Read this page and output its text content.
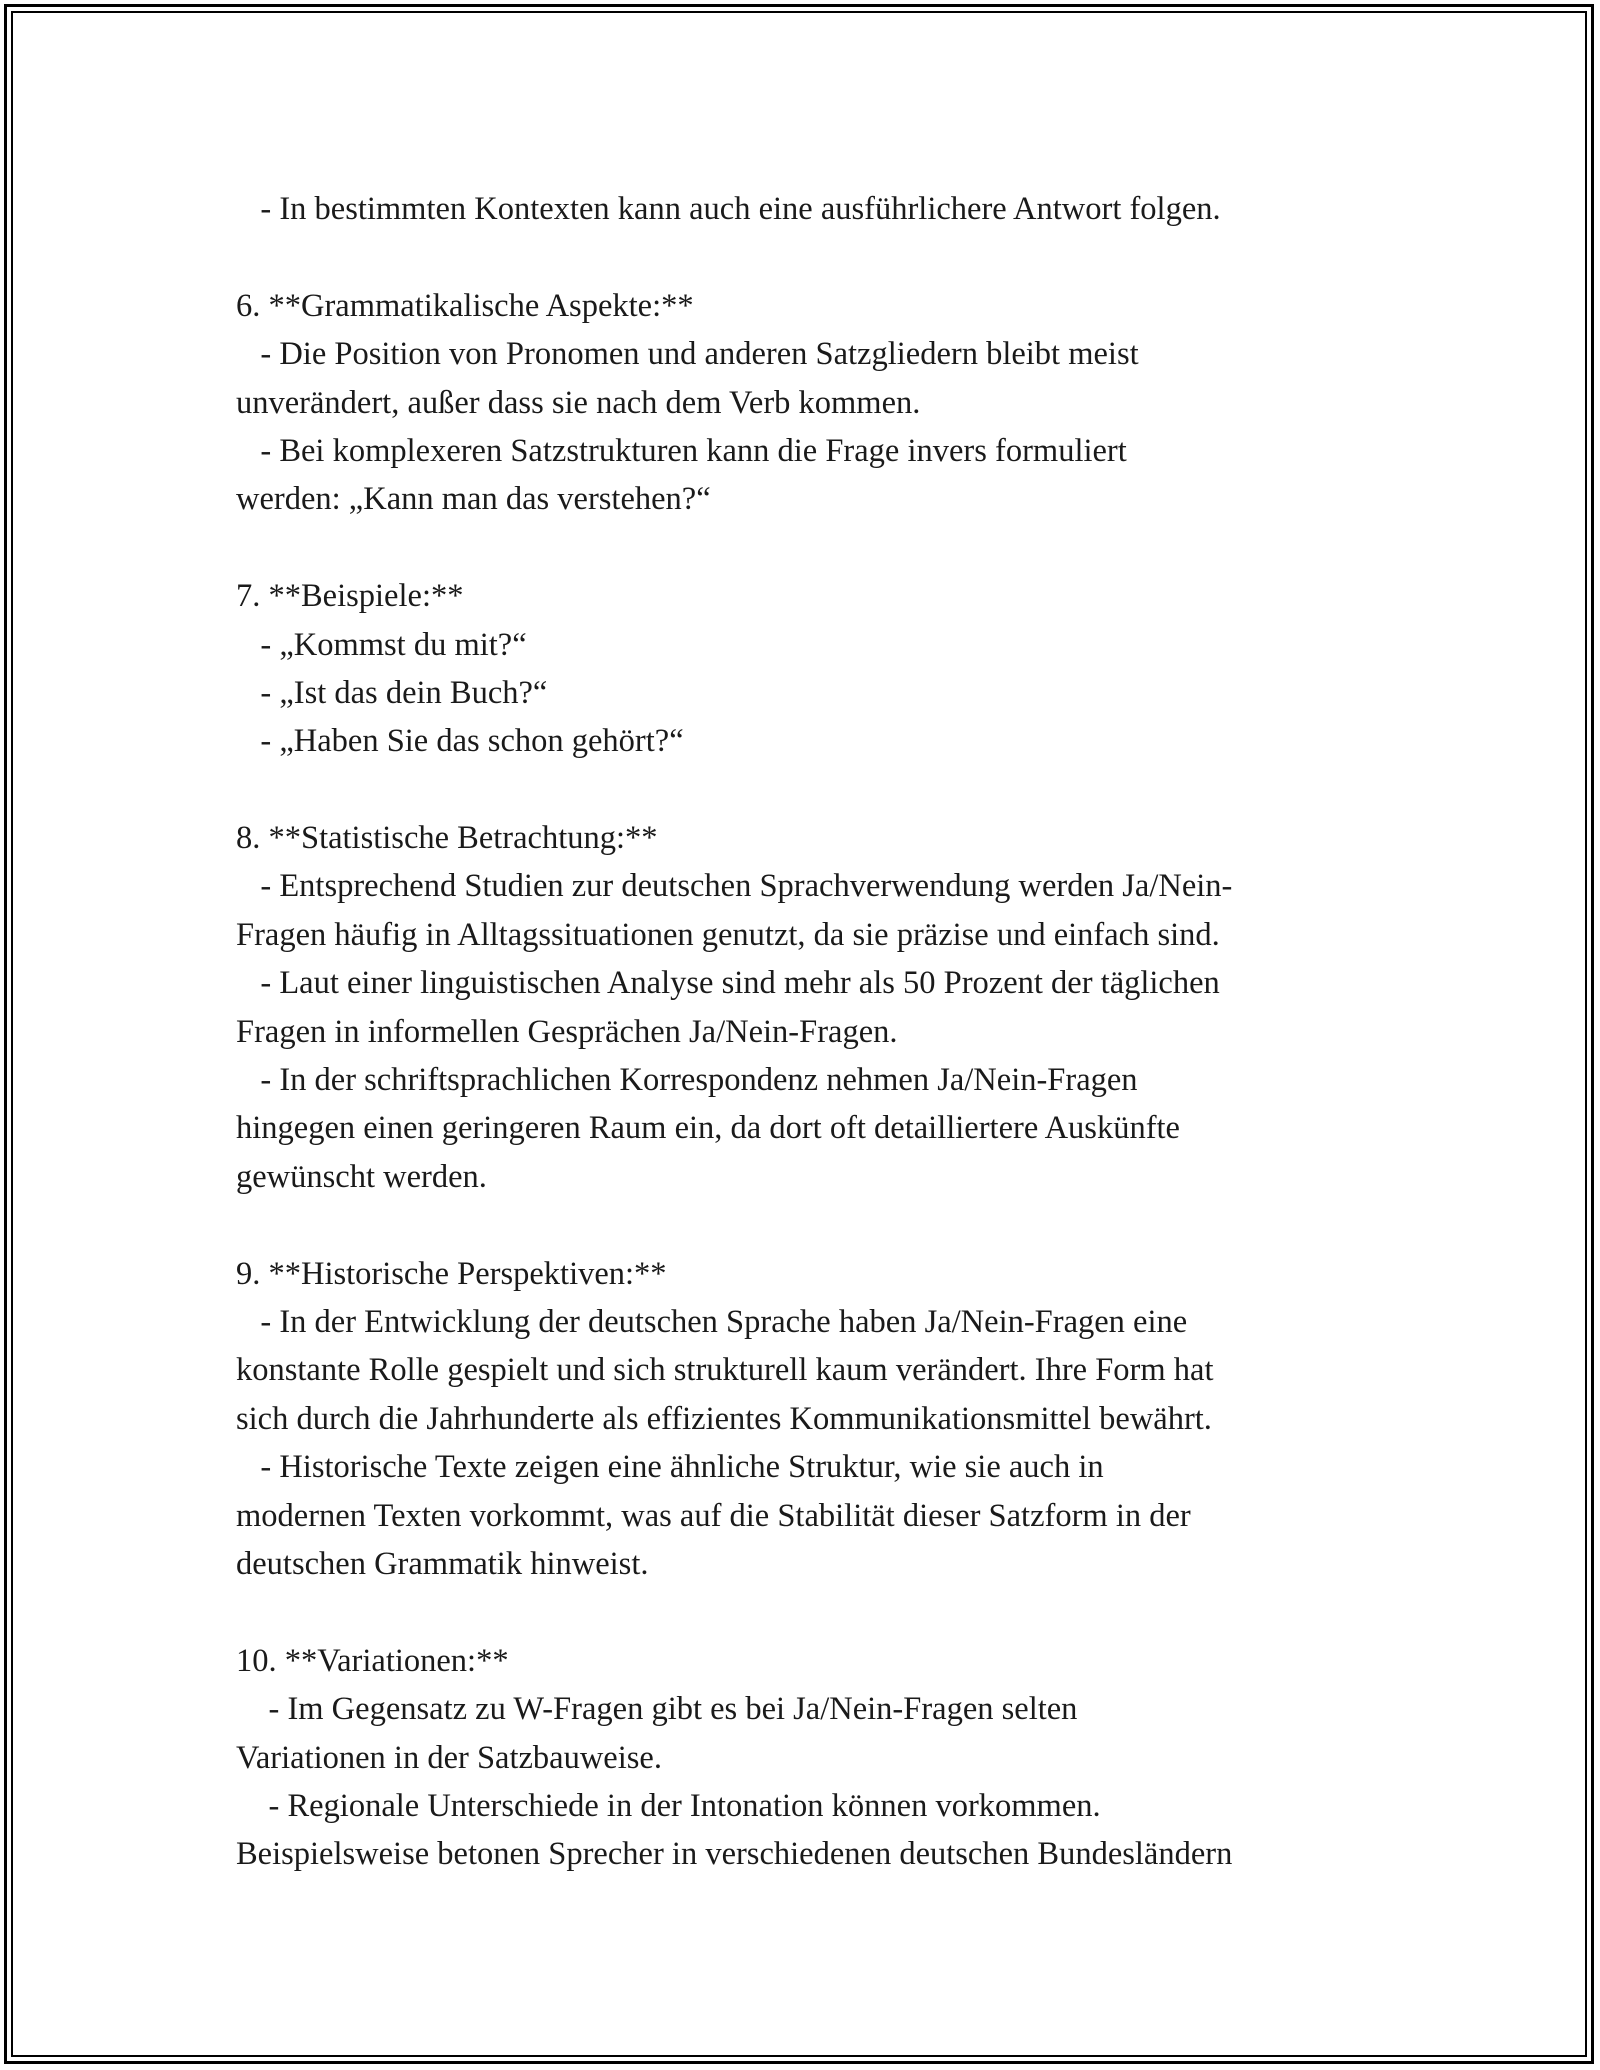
- In bestimmten Kontexten kann auch eine ausführlichere Antwort folgen.
6. **Grammatikalische Aspekte:**
- Die Position von Pronomen und anderen Satzgliedern bleibt meist
unverändert, außer dass sie nach dem Verb kommen.
- Bei komplexeren Satzstrukturen kann die Frage invers formuliert
werden: „Kann man das verstehen?“
7. **Beispiele:**
- „Kommst du mit?“
- „Ist das dein Buch?“
- „Haben Sie das schon gehört?“
8. **Statistische Betrachtung:**
- Entsprechend Studien zur deutschen Sprachverwendung werden Ja/Nein-
Fragen häufig in Alltagssituationen genutzt, da sie präzise und einfach sind.
- Laut einer linguistischen Analyse sind mehr als 50 Prozent der täglichen
Fragen in informellen Gesprächen Ja/Nein-Fragen.
- In der schriftsprachlichen Korrespondenz nehmen Ja/Nein-Fragen
hingegen einen geringeren Raum ein, da dort oft detailliertere Auskünfte
gewünscht werden.
9. **Historische Perspektiven:**
- In der Entwicklung der deutschen Sprache haben Ja/Nein-Fragen eine
konstante Rolle gespielt und sich strukturell kaum verändert. Ihre Form hat
sich durch die Jahrhunderte als effizientes Kommunikationsmittel bewährt.
- Historische Texte zeigen eine ähnliche Struktur, wie sie auch in
modernen Texten vorkommt, was auf die Stabilität dieser Satzform in der
deutschen Grammatik hinweist.
10. **Variationen:**
- Im Gegensatz zu W-Fragen gibt es bei Ja/Nein-Fragen selten
Variationen in der Satzbauweise.
- Regionale Unterschiede in der Intonation können vorkommen.
Beispielsweise betonen Sprecher in verschiedenen deutschen Bundesländern
